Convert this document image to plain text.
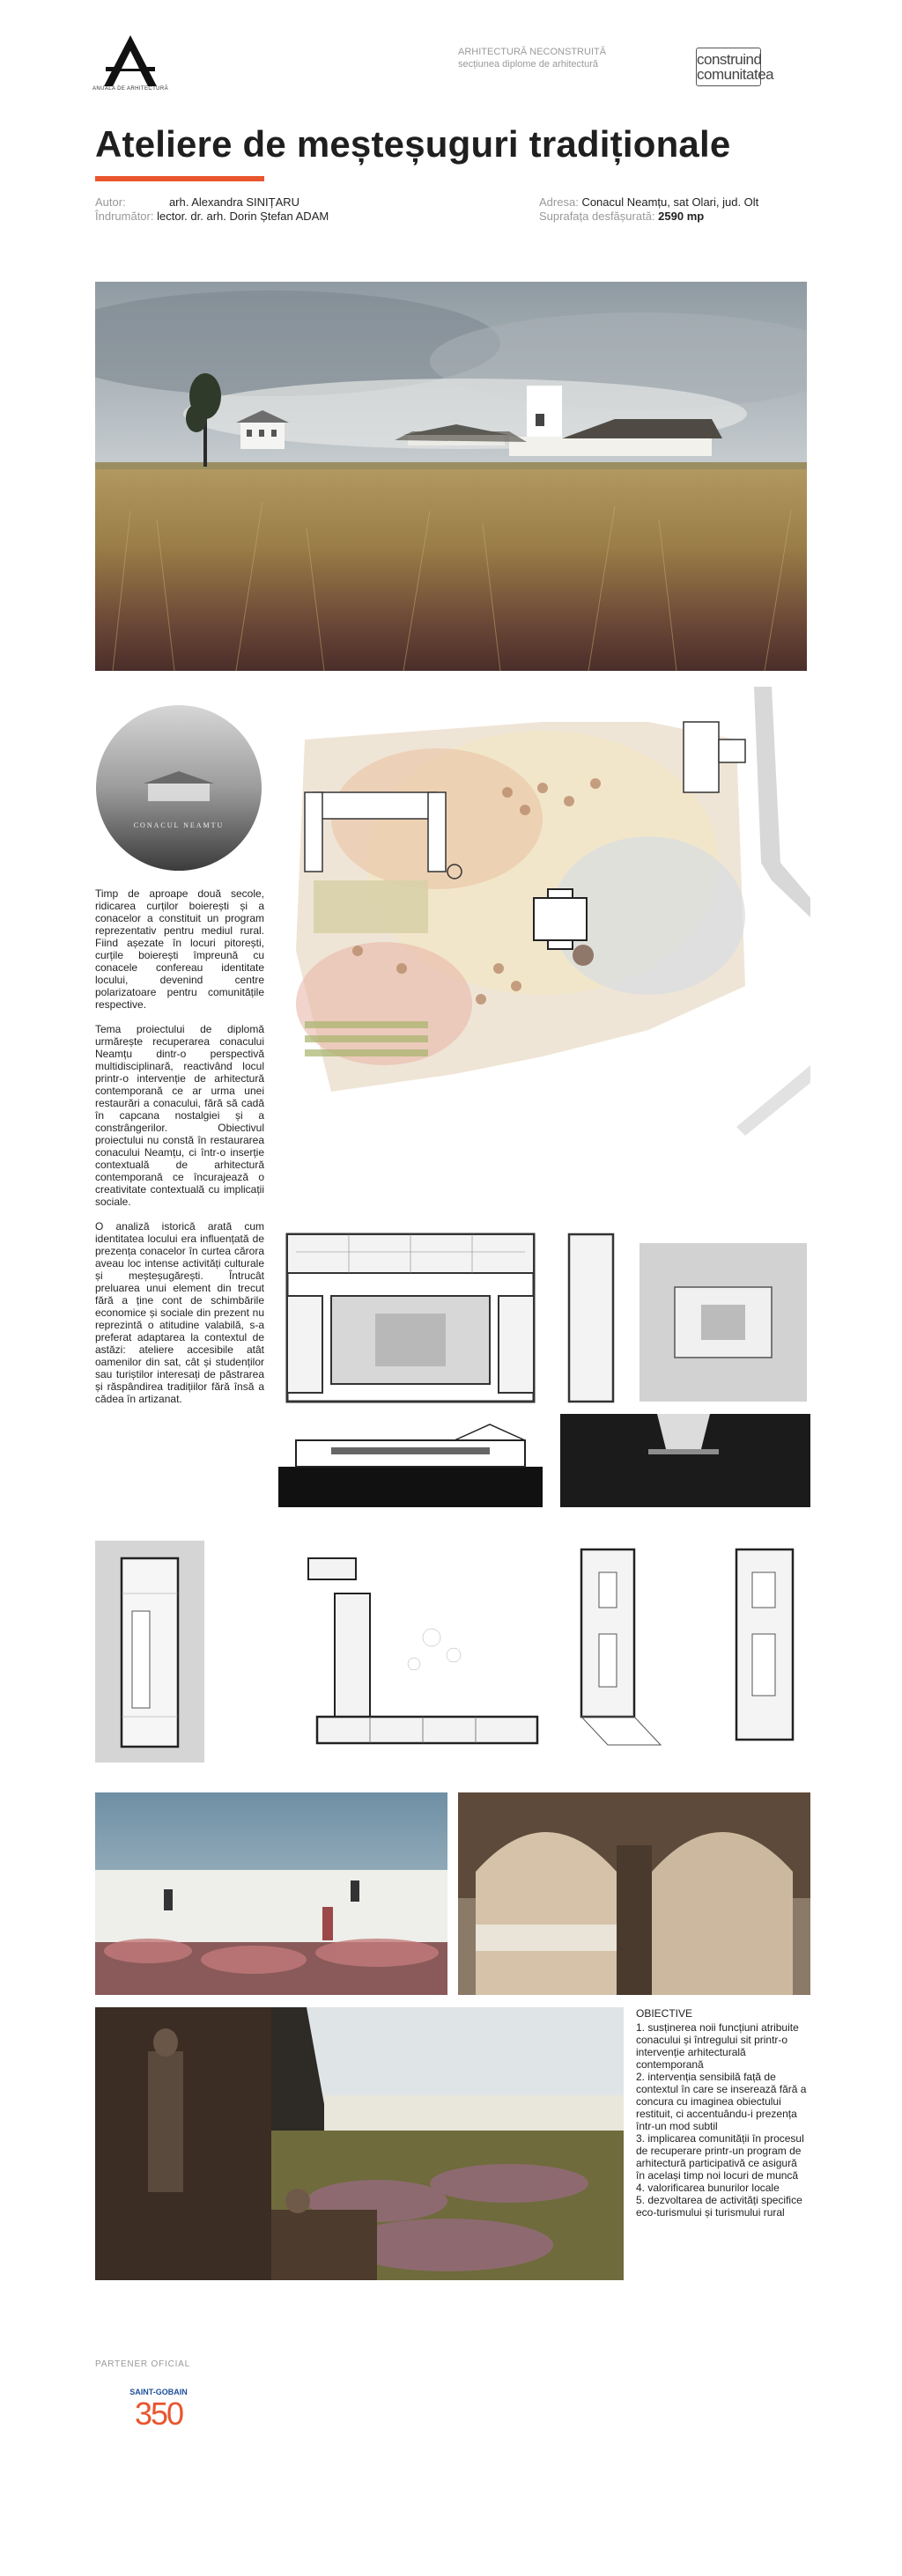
ANUALA DE ARHITECTURĂ
ARHITECTURĂ NECONSTRUITĂ
secțiunea diplome de arhitectură	construind
comunitatea
Ateliere de meșteșuguri tradiționale
Autor:	arh. Alexandra SINIȚARU
Îndrumător: lector. dr. arh. Dorin Ștefan ADAM
Adresa: Conacul Neamțu, sat Olari, jud. Olt
Suprafața desfășurată: 2590 mp
CONACUL NEAMTU

Timp de aproape două secole, ridicarea curților boierești și a conacelor a constituit un program reprezentativ pentru mediul rural. Fiind așezate în locuri pitorești, curțile boierești împreună cu conacele confereau identitate locului, devenind centre polarizatoare pentru comunitățile respective.

Tema proiectului de diplomă urmărește recuperarea conacului Neamțu dintr-o perspectivă multidisciplinară, reactivând locul printr-o intervenție de arhitectură contemporană ce ar urma unei restaurări a conacului, fără să cadă în capcana nostalgiei și a constrângerilor. Obiectivul proiectului nu constă în restaurarea conacului Neamțu, ci într-o inserție contextuală de arhitectură contemporană ce încurajează o creativitate contextuală cu implicații sociale.

O analiză istorică arată cum identitatea locului era influențată de prezența conacelor în curtea cărora aveau loc intense activități culturale și meșteșugărești. Întrucât preluarea unui element din trecut fără a ține cont de schimbările economice și sociale din prezent nu reprezintă o atitudine valabilă, s-a preferat adaptarea la contextul de astăzi: ateliere accesibile atât oamenilor din sat, cât și studenților sau turiștilor interesați de păstrarea și răspândirea tradițiilor fără însă a cădea în artizanat.

OBIECTIVE
1. susținerea noii funcțiuni atribuite conacului și întregului sit printr-o intervenție arhitecturală contemporană
2. intervenția sensibilă față de contextul în care se inserează fără a concura cu imaginea obiectului restituit, ci accentuându-i prezența într-un mod subtil
3. implicarea comunității în procesul de recuperare printr-un program de arhitectură participativă ce asigură în același timp noi locuri de muncă
4. valorificarea bunurilor locale
5. dezvoltarea de activități specifice eco-turismului și turismului rural
PARTENER OFICIAL
SAINT-GOBAIN
350
